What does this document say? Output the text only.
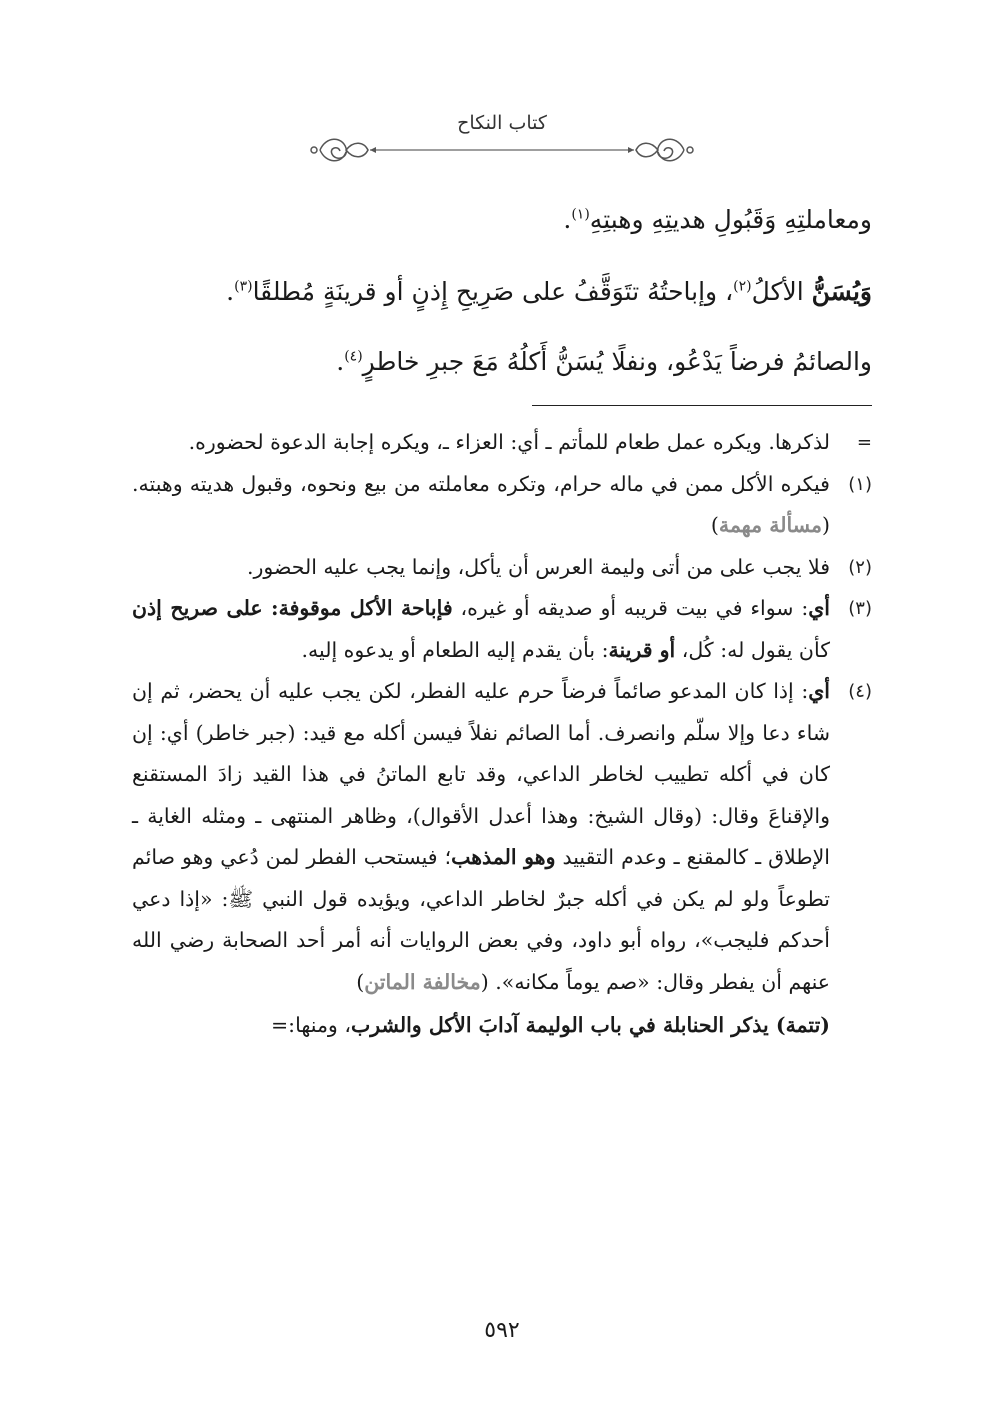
كتاب النكاح

ومعاملتِهِ وَقَبُولِ هديتِهِ وهبتِهِ$^{(١)}$.

وَيُسَنُّ الأكلُ$^{(٢)}$، وإباحتُهُ تتَوَقَّفُ على صَرِيحِ إِذنٍ أو قرينَةٍ مُطلقًا$^{(٣)}$.

والصائمُ فرضاً يَدْعُو، ونفلًا يُسَنُّ أَكلُهُ مَعَ جبرِ خاطرٍ$^{(٤)}$.

=
لذكرها. ويكره عمل طعام للمأتم ـ أي: العزاء ـ، ويكره إجابة الدعوة لحضوره.
(١)
فيكره الأكل ممن في ماله حرام، وتكره معاملته من بيع ونحوه، وقبول هديته وهبته. (مسألة مهمة)
(٢)
فلا يجب على من أتى وليمة العرس أن يأكل، وإنما يجب عليه الحضور.
(٣)
أي: سواء في بيت قريبه أو صديقه أو غيره، فإباحة الأكل موقوفة: على صريح إذن كأن يقول له: كُل، أو قرينة: بأن يقدم إليه الطعام أو يدعوه إليه.
(٤)
أي: إذا كان المدعو صائماً فرضاً حرم عليه الفطر، لكن يجب عليه أن يحضر، ثم إن شاء دعا وإلا سلّم وانصرف. أما الصائم نفلاً فيسن أكله مع قيد: (جبر خاطر) أي: إن كان في أكله تطييب لخاطر الداعي، وقد تابع الماتنُ في هذا القيد زادَ المستقنع والإقناعَ وقال: (وقال الشيخ: وهذا أعدل الأقوال)، وظاهر المنتهى ـ ومثله الغاية ـ الإطلاق ـ كالمقنع ـ وعدم التقييد وهو المذهب؛ فيستحب الفطر لمن دُعي وهو صائم تطوعاً ولو لم يكن في أكله جبرٌ لخاطر الداعي، ويؤيده قول النبي ﷺ: «إذا دعي أحدكم فليجب»، رواه أبو داود، وفي بعض الروايات أنه أمر أحد الصحابة رضي الله عنهم أن يفطر وقال: «صم يوماً مكانه». (مخالفة الماتن)
(تتمة) يذكر الحنابلة في باب الوليمة آدابَ الأكل والشرب، ومنها:=
٥٩٢
